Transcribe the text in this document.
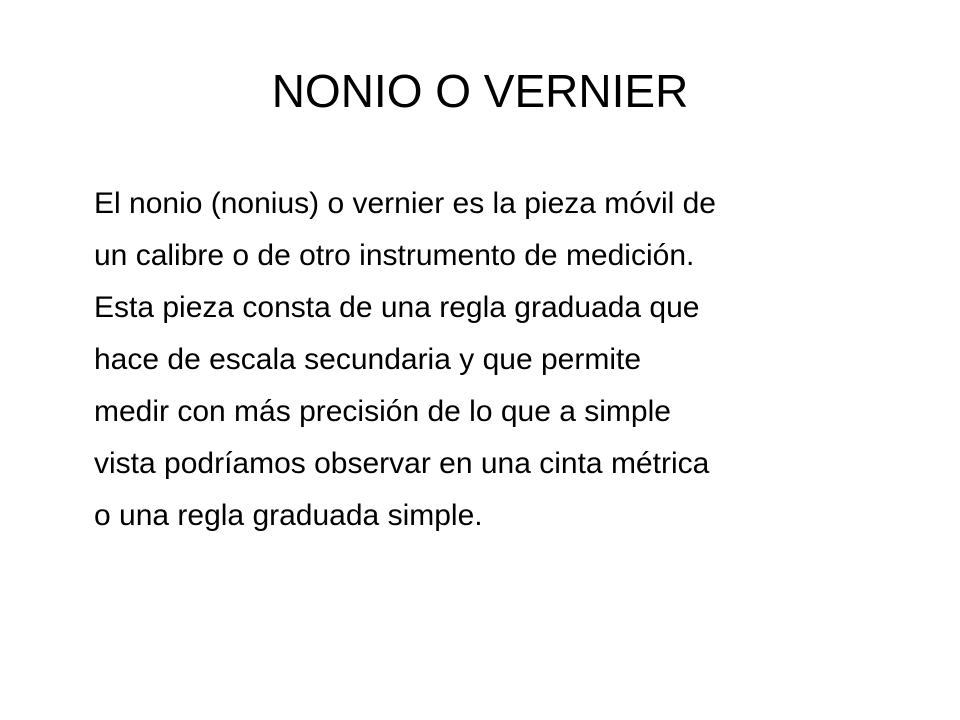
NONIO O VERNIER

El nonio (nonius) o vernier es la pieza móvil de
un calibre o de otro instrumento de medición.
Esta pieza consta de una regla graduada que
hace de escala secundaria y que permite
medir con más precisión de lo que a simple
vista podríamos observar en una cinta métrica
o una regla graduada simple.
